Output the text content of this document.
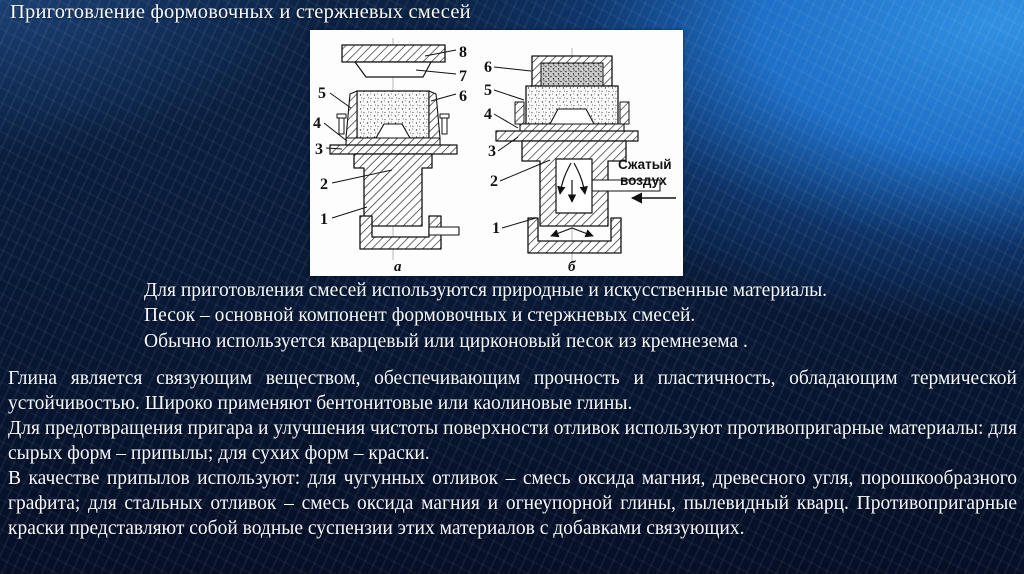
Приготовление формовочных и стержневых смесей
8
7
6
5
4
3
2
1
а
6
5
4
3
2
1
Сжатый
воздух
б
Для приготовления смесей используются природные и искусственные материалы.
Песок – основной компонент формовочных и стержневых смесей.
Обычно используется кварцевый или цирконовый песок из кремнезема .

Глина является связующим веществом, обеспечивающим прочность и пластичность, обладающим термической устойчивостью. Широко применяют бентонитовые или каолиновые глины.

Для предотвращения пригара и улучшения чистоты поверхности отливок используют противопригарные материалы: для сырых форм – припылы; для сухих форм – краски.

В качестве припылов используют: для чугунных отливок – смесь оксида магния, древесного угля, порошкообразного графита; для стальных отливок – смесь оксида магния и огнеупорной глины, пылевидный кварц. Противопригарные краски представляют собой водные суспензии этих материалов с добавками связующих.
